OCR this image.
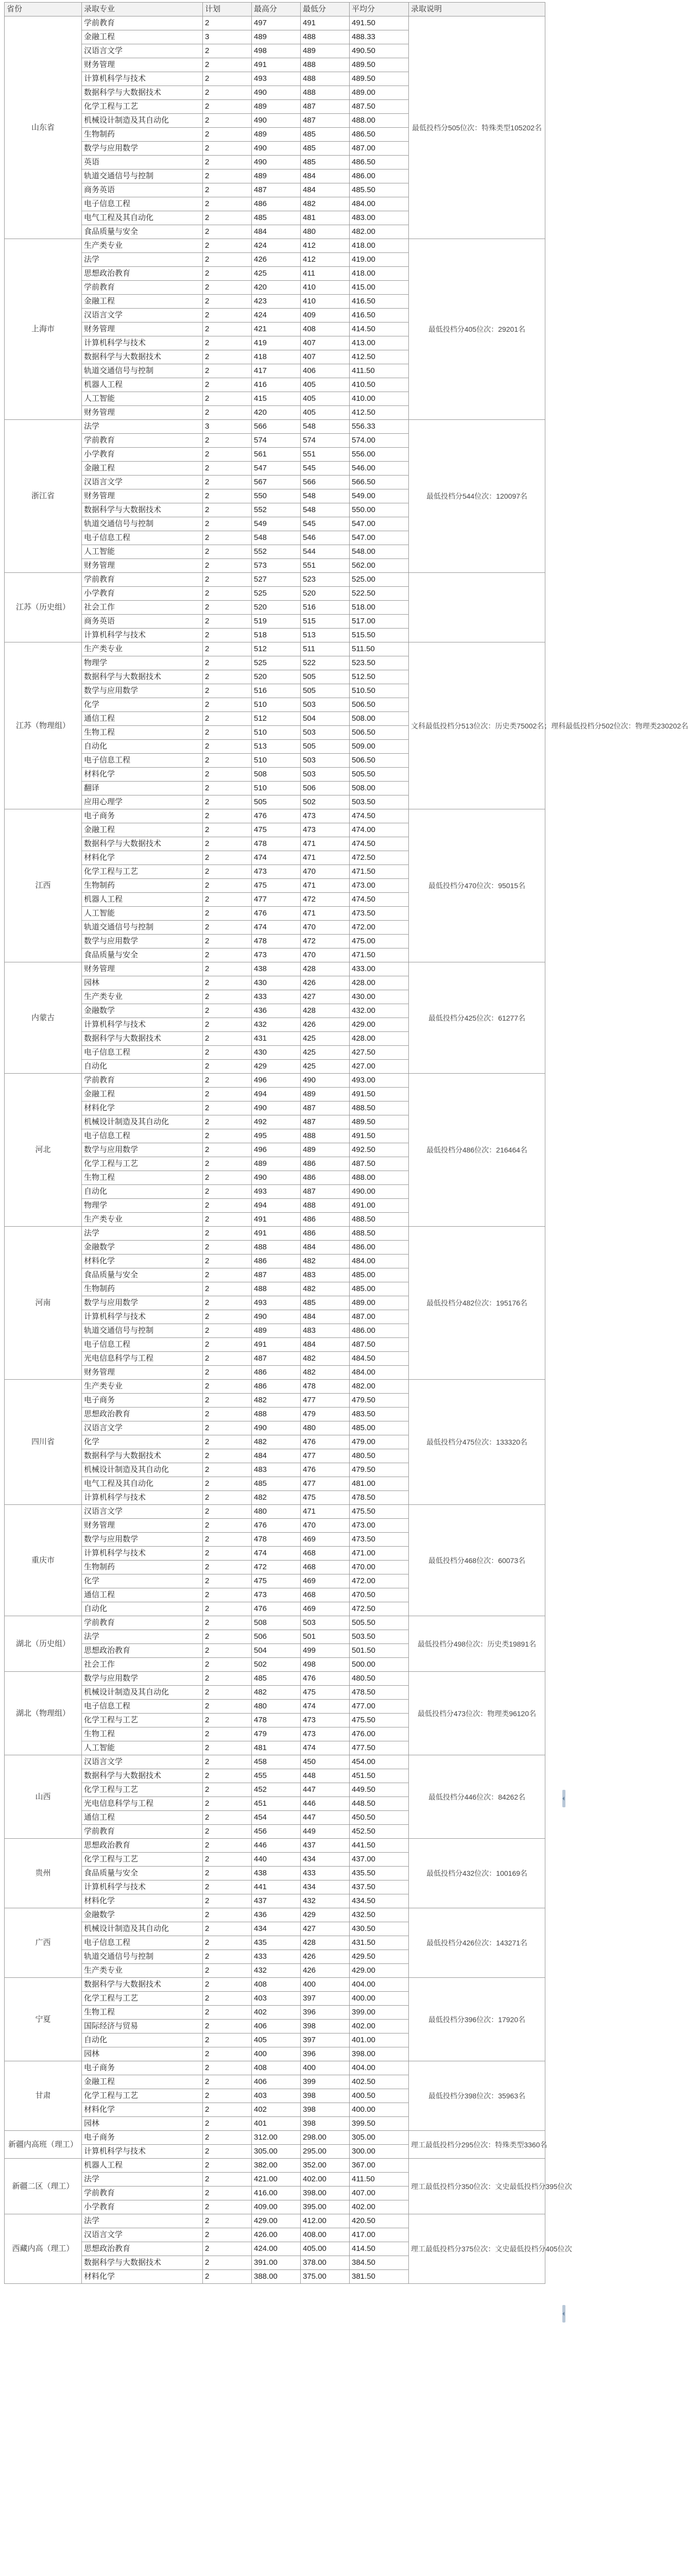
省份	录取专业	计划	最高分	最低分	平均分	录取说明
山东省	学前教育	2	497	491	491.50	最低投档分505位次：特殊类型105202名
	金融工程	3	489	488	488.33	
	汉语言文学	2	498	489	490.50	
	财务管理	2	491	488	489.50	
	计算机科学与技术	2	493	488	489.50	
	数据科学与大数据技术	2	490	488	489.00	
	化学工程与工艺	2	489	487	487.50	
	机械设计制造及其自动化	2	490	487	488.00	
	生物制药	2	489	485	486.50	
	数学与应用数学	2	490	485	487.00	
	英语	2	490	485	486.50	
	轨道交通信号与控制	2	489	484	486.00	
	商务英语	2	487	484	485.50	
	电子信息工程	2	486	482	484.00	
	电气工程及其自动化	2	485	481	483.00	
	食品质量与安全	2	484	480	482.00	
上海市	生产类专业	2	424	412	418.00	最低投档分405位次：29201名
	法学	2	426	412	419.00	
	思想政治教育	2	425	411	418.00	
	学前教育	2	420	410	415.00	
	金融工程	2	423	410	416.50	
	汉语言文学	2	424	409	416.50	
	财务管理	2	421	408	414.50	
	计算机科学与技术	2	419	407	413.00	
	数据科学与大数据技术	2	418	407	412.50	
	轨道交通信号与控制	2	417	406	411.50	
	机器人工程	2	416	405	410.50	
	人工智能	2	415	405	410.00	
	财务管理	2	420	405	412.50	
浙江省	法学	3	566	548	556.33	最低投档分544位次：120097名
	学前教育	2	574	574	574.00	
	小学教育	2	561	551	556.00	
	金融工程	2	547	545	546.00	
	汉语言文学	2	567	566	566.50	
	财务管理	2	550	548	549.00	
	数据科学与大数据技术	2	552	548	550.00	
	轨道交通信号与控制	2	549	545	547.00	
	电子信息工程	2	548	546	547.00	
	人工智能	2	552	544	548.00	
	财务管理	2	573	551	562.00	
江苏（历史组）	学前教育	2	527	523	525.00	
	小学教育	2	525	520	522.50	
	社会工作	2	520	516	518.00	
	商务英语	2	519	515	517.00	
	计算机科学与技术	2	518	513	515.50	
江苏（物理组）	生产类专业	2	512	511	511.50	文科最低投档分513位次：历史类75002名；理科最低投档分502位次：物理类230202名
	物理学	2	525	522	523.50	
	数据科学与大数据技术	2	520	505	512.50	
	数学与应用数学	2	516	505	510.50	
	化学	2	510	503	506.50	
	通信工程	2	512	504	508.00	
	生物工程	2	510	503	506.50	
	自动化	2	513	505	509.00	
	电子信息工程	2	510	503	506.50	
	材料化学	2	508	503	505.50	
	翻译	2	510	506	508.00	
	应用心理学	2	505	502	503.50	
江西	电子商务	2	476	473	474.50	最低投档分470位次：95015名
	金融工程	2	475	473	474.00	
	数据科学与大数据技术	2	478	471	474.50	
	材料化学	2	474	471	472.50	
	化学工程与工艺	2	473	470	471.50	
	生物制药	2	475	471	473.00	
	机器人工程	2	477	472	474.50	
	人工智能	2	476	471	473.50	
	轨道交通信号与控制	2	474	470	472.00	
	数学与应用数学	2	478	472	475.00	
	食品质量与安全	2	473	470	471.50	
内蒙古	财务管理	2	438	428	433.00	最低投档分425位次：61277名
	园林	2	430	426	428.00	
	生产类专业	2	433	427	430.00	
	金融数学	2	436	428	432.00	
	计算机科学与技术	2	432	426	429.00	
	数据科学与大数据技术	2	431	425	428.00	
	电子信息工程	2	430	425	427.50	
	自动化	2	429	425	427.00	
河北	学前教育	2	496	490	493.00	最低投档分486位次：216464名
	金融工程	2	494	489	491.50	
	材料化学	2	490	487	488.50	
	机械设计制造及其自动化	2	492	487	489.50	
	电子信息工程	2	495	488	491.50	
	数学与应用数学	2	496	489	492.50	
	化学工程与工艺	2	489	486	487.50	
	生物工程	2	490	486	488.00	
	自动化	2	493	487	490.00	
	物理学	2	494	488	491.00	
	生产类专业	2	491	486	488.50	
河南	法学	2	491	486	488.50	最低投档分482位次：195176名
	金融数学	2	488	484	486.00	
	材料化学	2	486	482	484.00	
	食品质量与安全	2	487	483	485.00	
	生物制药	2	488	482	485.00	
	数学与应用数学	2	493	485	489.00	
	计算机科学与技术	2	490	484	487.00	
	轨道交通信号与控制	2	489	483	486.00	
	电子信息工程	2	491	484	487.50	
	光电信息科学与工程	2	487	482	484.50	
	财务管理	2	486	482	484.00	
四川省	生产类专业	2	486	478	482.00	最低投档分475位次：133320名
	电子商务	2	482	477	479.50	
	思想政治教育	2	488	479	483.50	
	汉语言文学	2	490	480	485.00	
	化学	2	482	476	479.00	
	数据科学与大数据技术	2	484	477	480.50	
	机械设计制造及其自动化	2	483	476	479.50	
	电气工程及其自动化	2	485	477	481.00	
	计算机科学与技术	2	482	475	478.50	
重庆市	汉语言文学	2	480	471	475.50	最低投档分468位次：60073名
	财务管理	2	476	470	473.00	
	数学与应用数学	2	478	469	473.50	
	计算机科学与技术	2	474	468	471.00	
	生物制药	2	472	468	470.00	
	化学	2	475	469	472.00	
	通信工程	2	473	468	470.50	
	自动化	2	476	469	472.50	
湖北（历史组）	学前教育	2	508	503	505.50	最低投档分498位次：历史类19891名
	法学	2	506	501	503.50	
	思想政治教育	2	504	499	501.50	
	社会工作	2	502	498	500.00	
湖北（物理组）	数学与应用数学	2	485	476	480.50	最低投档分473位次：物理类96120名
	机械设计制造及其自动化	2	482	475	478.50	
	电子信息工程	2	480	474	477.00	
	化学工程与工艺	2	478	473	475.50	
	生物工程	2	479	473	476.00	
	人工智能	2	481	474	477.50	
山西	汉语言文学	2	458	450	454.00	最低投档分446位次：84262名
	数据科学与大数据技术	2	455	448	451.50	
	化学工程与工艺	2	452	447	449.50	
	光电信息科学与工程	2	451	446	448.50	
	通信工程	2	454	447	450.50	
	学前教育	2	456	449	452.50	
贵州	思想政治教育	2	446	437	441.50	最低投档分432位次：100169名
	化学工程与工艺	2	440	434	437.00	
	食品质量与安全	2	438	433	435.50	
	计算机科学与技术	2	441	434	437.50	
	材料化学	2	437	432	434.50	
广西	金融数学	2	436	429	432.50	最低投档分426位次：143271名
	机械设计制造及其自动化	2	434	427	430.50	
	电子信息工程	2	435	428	431.50	
	轨道交通信号与控制	2	433	426	429.50	
	生产类专业	2	432	426	429.00	
宁夏	数据科学与大数据技术	2	408	400	404.00	最低投档分396位次：17920名
	化学工程与工艺	2	403	397	400.00	
	生物工程	2	402	396	399.00	
	国际经济与贸易	2	406	398	402.00	
	自动化	2	405	397	401.00	
	园林	2	400	396	398.00	
甘肃	电子商务	2	408	400	404.00	最低投档分398位次：35963名
	金融工程	2	406	399	402.50	
	化学工程与工艺	2	403	398	400.50	
	材料化学	2	402	398	400.00	
	园林	2	401	398	399.50	
新疆内高班（理工）	电子商务	2	312.00	298.00	305.00	理工最低投档分295位次：特殊类型3360名
	计算机科学与技术	2	305.00	295.00	300.00	
新疆二区（理工）	机器人工程	2	382.00	352.00	367.00	理工最低投档分350位次：文史最低投档分395位次
	法学	2	421.00	402.00	411.50	
	学前教育	2	416.00	398.00	407.00	
	小学教育	2	409.00	395.00	402.00	
西藏内高（理工）	法学	2	429.00	412.00	420.50	理工最低投档分375位次：文史最低投档分405位次
	汉语言文学	2	426.00	408.00	417.00	
	思想政治教育	2	424.00	405.00	414.50	
	数据科学与大数据技术	2	391.00	378.00	384.50	
	材料化学	2	388.00	375.00	381.50	
